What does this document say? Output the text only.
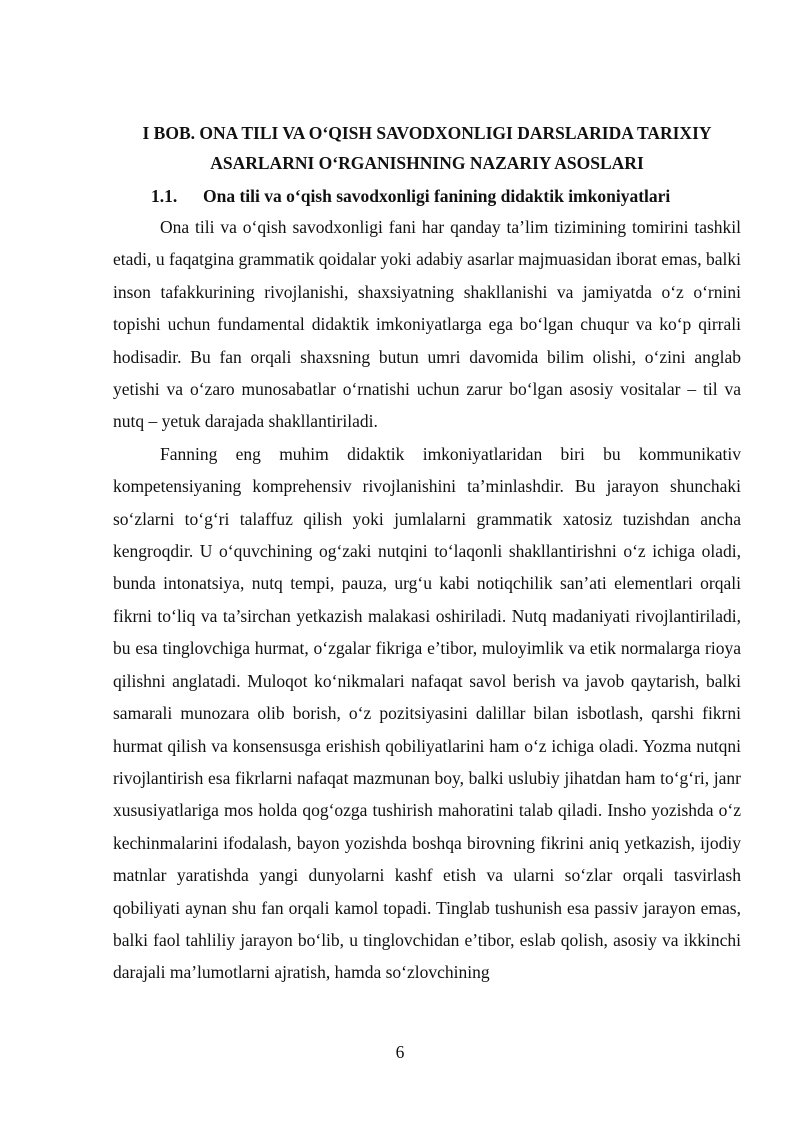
I BOB. ONA TILI VA O‘QISH SAVODXONLIGI DARSLARIDA TARIXIY
ASARLARNI O‘RGANISHNING NAZARIY ASOSLARI
1.1. Ona tili va o‘qish savodxonligi fanining didaktik imkoniyatlari

Ona tili va o‘qish savodxonligi fani har qanday ta’lim tizimining tomirini tashkil etadi, u faqatgina grammatik qoidalar yoki adabiy asarlar majmuasidan iborat emas, balki inson tafakkurining rivojlanishi, shaxsiyatning shakllanishi va jamiyatda o‘z o‘rnini topishi uchun fundamental didaktik imkoniyatlarga ega bo‘lgan chuqur va ko‘p qirrali hodisadir. Bu fan orqali shaxsning butun umri davomida bilim olishi, o‘zini anglab yetishi va o‘zaro munosabatlar o‘rnatishi uchun zarur bo‘lgan asosiy vositalar – til va nutq – yetuk darajada shakllantiriladi.

Fanning eng muhim didaktik imkoniyatlaridan biri bu kommunikativ kompetensiyaning komprehensiv rivojlanishini ta’minlashdir. Bu jarayon shunchaki so‘zlarni to‘g‘ri talaffuz qilish yoki jumlalarni grammatik xatosiz tuzishdan ancha kengroqdir. U o‘quvchining og‘zaki nutqini to‘laqonli shakllantirishni o‘z ichiga oladi, bunda intonatsiya, nutq tempi, pauza, urg‘u kabi notiqchilik san’ati elementlari orqali fikrni to‘liq va ta’sirchan yetkazish malakasi oshiriladi. Nutq madaniyati rivojlantiriladi, bu esa tinglovchiga hurmat, o‘zgalar fikriga e’tibor, muloyimlik va etik normalarga rioya qilishni anglatadi. Muloqot ko‘nikmalari nafaqat savol berish va javob qaytarish, balki samarali munozara olib borish, o‘z pozitsiyasini dalillar bilan isbotlash, qarshi fikrni hurmat qilish va konsensusga erishish qobiliyatlarini ham o‘z ichiga oladi. Yozma nutqni rivojlantirish esa fikrlarni nafaqat mazmunan boy, balki uslubiy jihatdan ham to‘g‘ri, janr xususiyatlariga mos holda qog‘ozga tushirish mahoratini talab qiladi. Insho yozishda o‘z kechinmalarini ifodalash, bayon yozishda boshqa birovning fikrini aniq yetkazish, ijodiy matnlar yaratishda yangi dunyolarni kashf etish va ularni so‘zlar orqali tasvirlash qobiliyati aynan shu fan orqali kamol topadi. Tinglab tushunish esa passiv jarayon emas, balki faol tahliliy jarayon bo‘lib, u tinglovchidan e’tibor, eslab qolish, asosiy va ikkinchi darajali ma’lumotlarni ajratish, hamda so‘zlovchining

6
